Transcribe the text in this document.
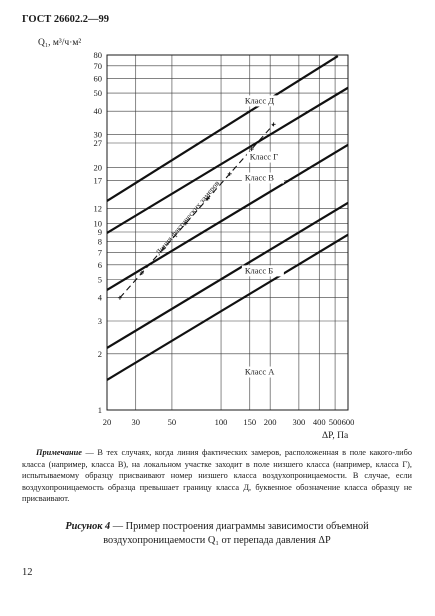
ГОСТ 26602.2—99
1
2
3
4
5
6
7
8
9
10
12
17
20
27
30
40
50
60
70
80
20 30	50	100 150 200 300 400 500 600
Класс Д
Класс Г
Класс В
Класс Б
Класс А
Линия фактических замеров
Q₁, м³/ч·м²
ΔP, Па
Примечание — В тех случаях, когда линия фактических замеров, расположенная в поле какого-либо класса (например, класса В), на локальном участке заходит в поле низшего класса (например, класса Г), испытываемому образцу присваивают номер низшего класса воздухопроницаемости. В случае, если воздухопроницаемость образца превышает границу класса Д, буквенное обозначение класса образцу не присваивают.
Рисунок 4 — Пример построения диаграммы зависимости объемной воздухопроницаемости Q₁ от перепада давления ΔP
12
